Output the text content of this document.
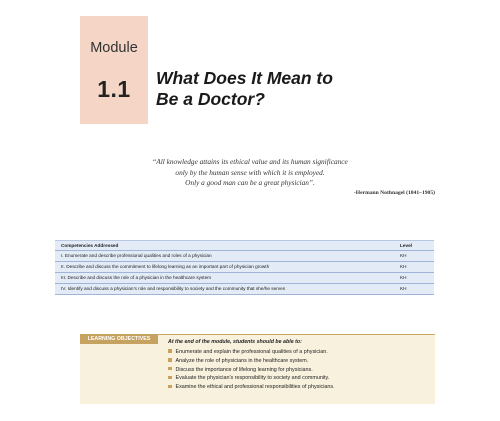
Module
1.1	What Does It Mean to
Be a Doctor?
“All knowledge attains its ethical value and its human significance
only by the human sense with which it is employed.
Only a good man can be a great physician”.
-Hermann Nothnagel (1841–1905)
Competencies Addressed	Level
I. Enumerate and describe professional qualities and roles of a physician	KH
II. Describe and discuss the commitment to lifelong learning as an important part of physician growth	KH
III. Describe and discuss the role of a physician in the healthcare system	KH
IV. Identify and discuss a physician’s role and responsibility to society and the community that she/he serves	KH
LEARNING OBJECTIVES	At the end of the module, students should be able to:
Enumerate and explain the professional qualities of a physician.
Analyze the role of physicians in the healthcare system.
Discuss the importance of lifelong learning for physicians.
Evaluate the physician’s responsibility to society and community.
Examine the ethical and professional responsibilities of physicians.
